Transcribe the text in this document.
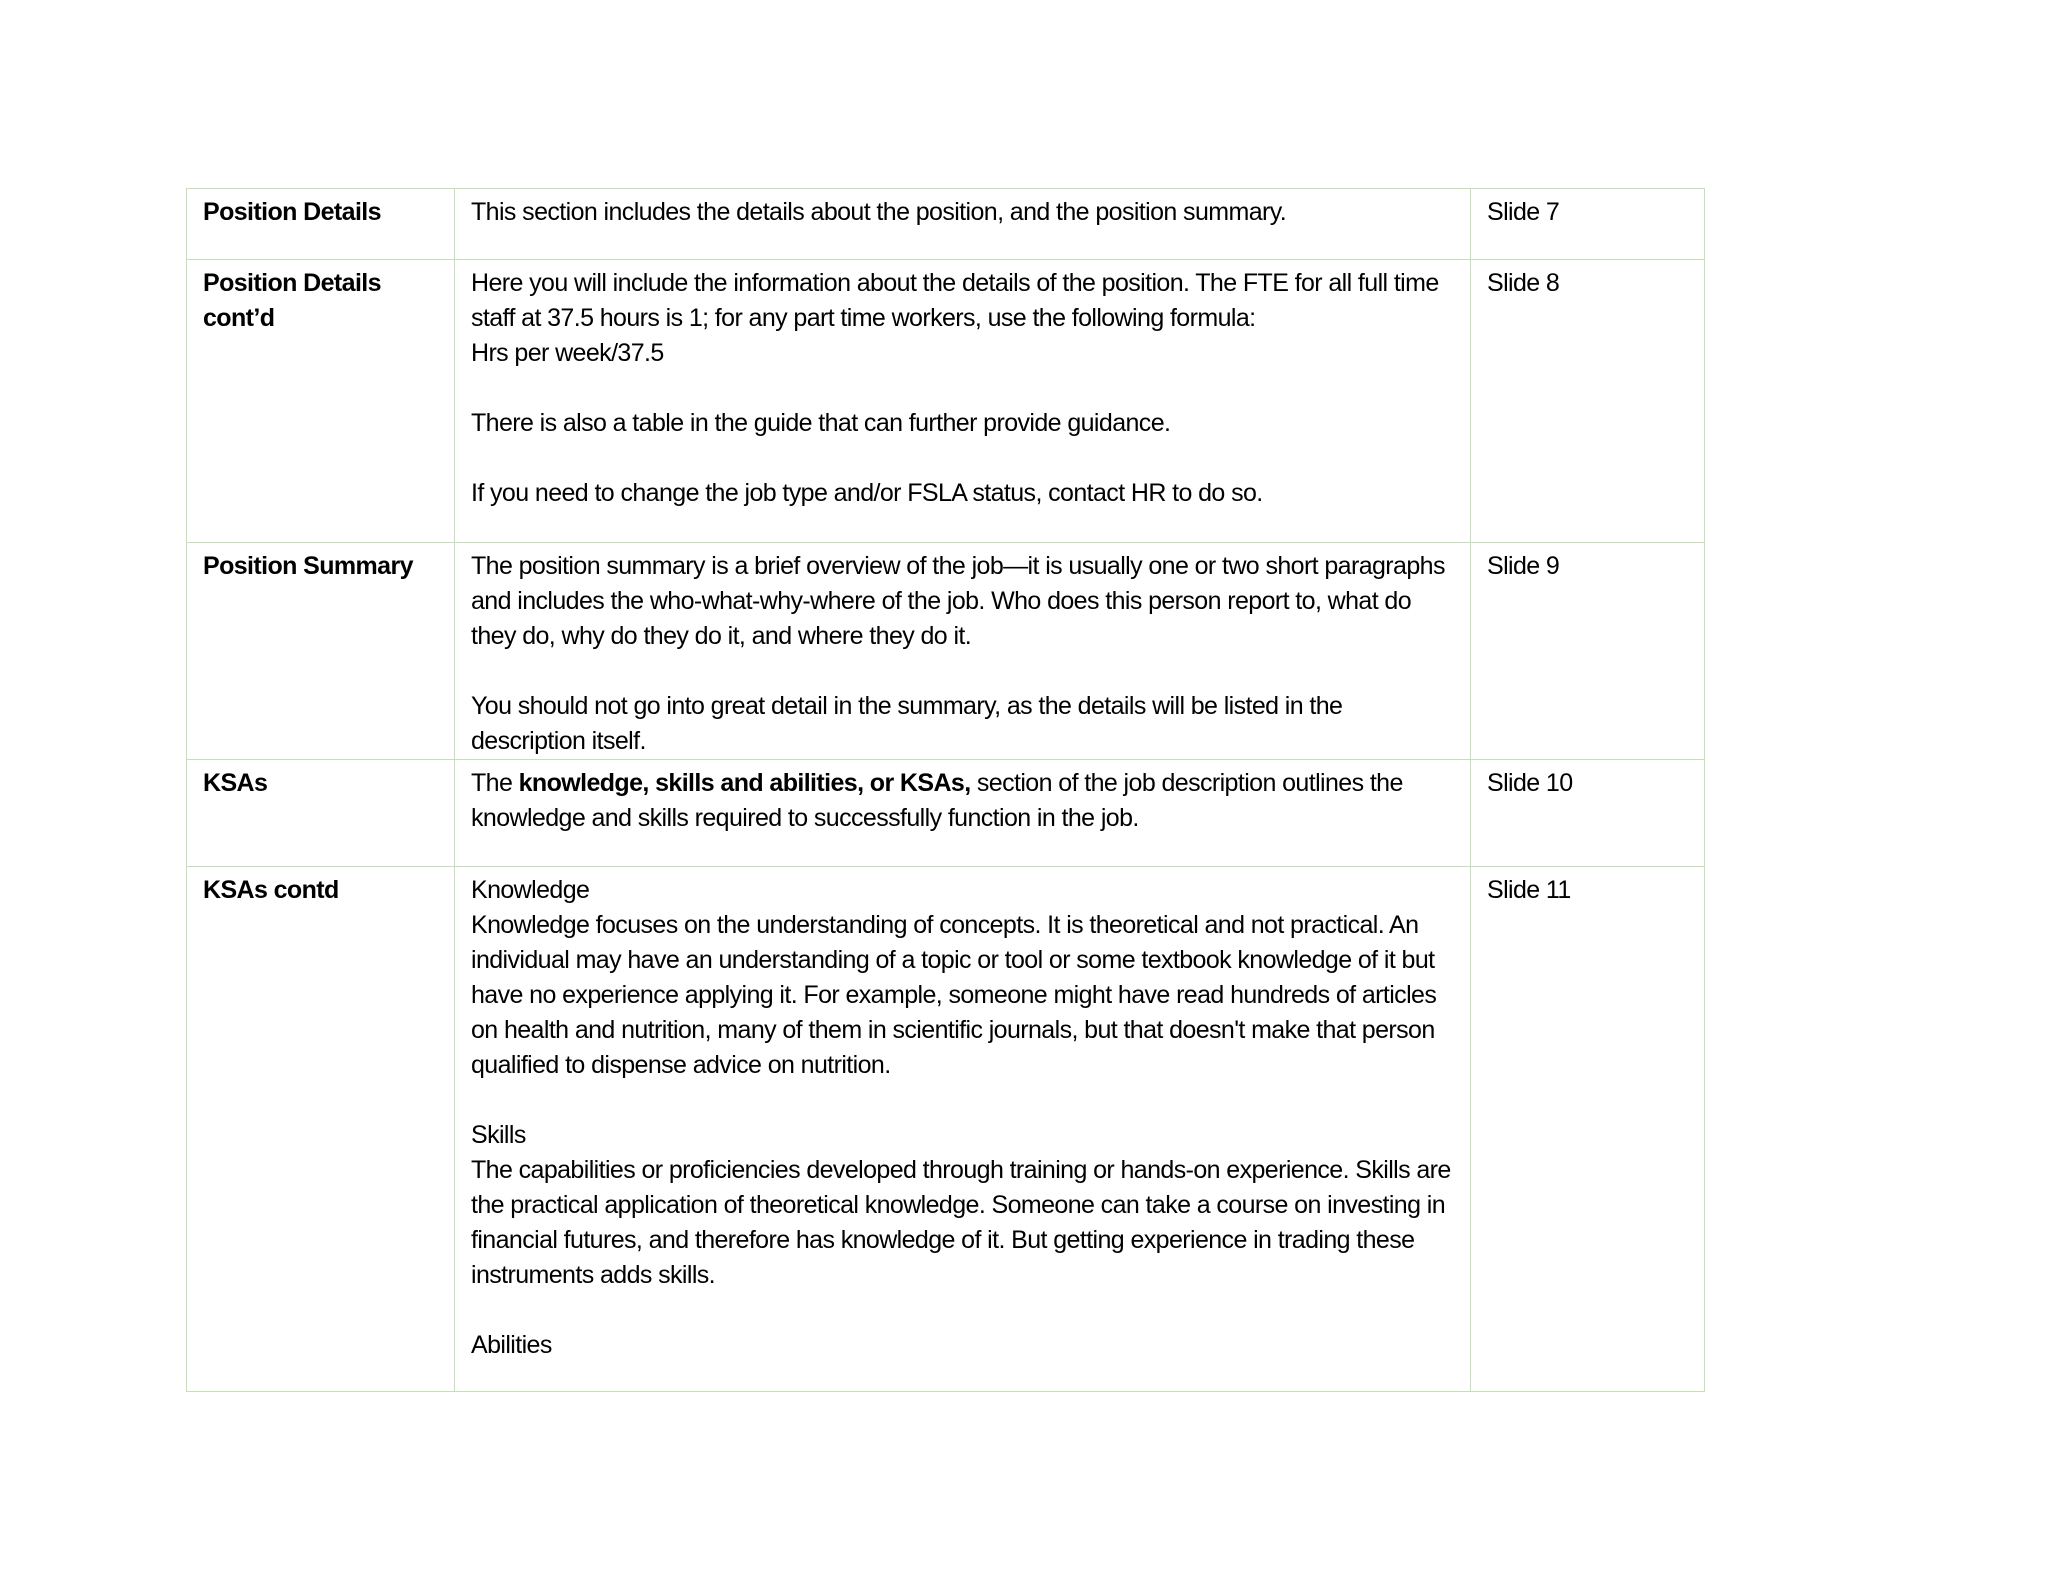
Position Details	This section includes the details about the position, and the position summary.	Slide 7
Position Details cont’d	Here you will include the information about the details of the position. The FTE for all full time staff at 37.5 hours is 1; for any part time workers, use the following formula:
Hrs per week/37.5
There is also a table in the guide that can further provide guidance.
If you need to change the job type and/or FSLA status, contact HR to do so.	Slide 8
Position Summary	The position summary is a brief overview of the job—it is usually one or two short paragraphs and includes the who-what-why-where of the job. Who does this person report to, what do they do, why do they do it, and where they do it.
You should not go into great detail in the summary, as the details will be listed in the description itself.	Slide 9
KSAs	The knowledge, skills and abilities, or KSAs, section of the job description outlines the knowledge and skills required to successfully function in the job.	Slide 10
KSAs contd	Knowledge
Knowledge focuses on the understanding of concepts. It is theoretical and not practical. An individual may have an understanding of a topic or tool or some textbook knowledge of it but have no experience applying it. For example, someone might have read hundreds of articles on health and nutrition, many of them in scientific journals, but that doesn't make that person qualified to dispense advice on nutrition.
Skills
The capabilities or proficiencies developed through training or hands-on experience. Skills are the practical application of theoretical knowledge. Someone can take a course on investing in financial futures, and therefore has knowledge of it. But getting experience in trading these instruments adds skills.
Abilities	Slide 11
